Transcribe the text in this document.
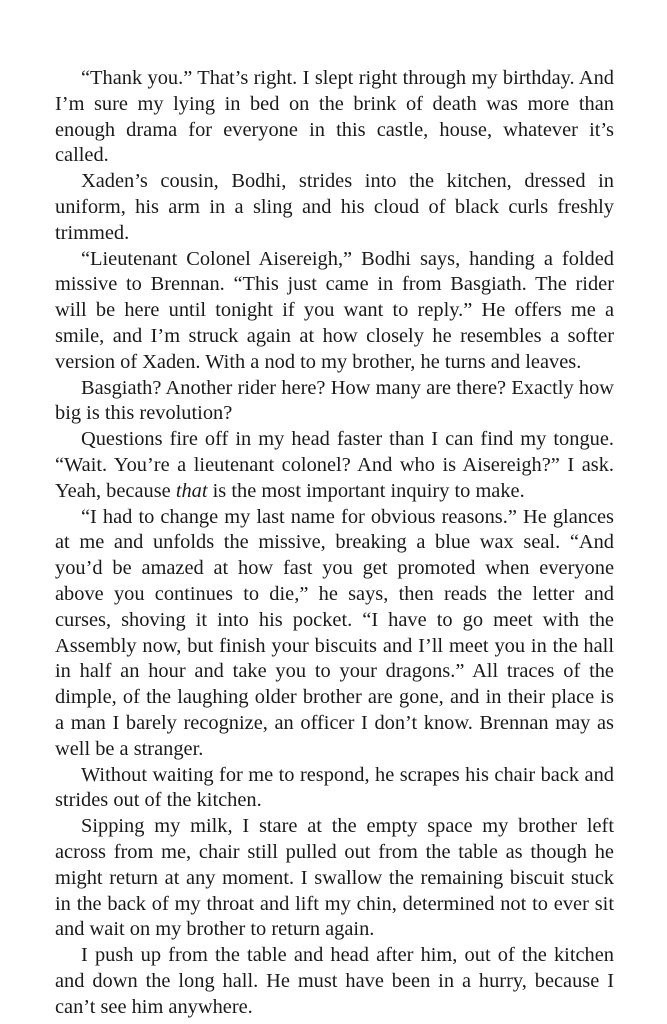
“Thank you.” That’s right. I slept right through my birthday. And I’m sure my lying in bed on the brink of death was more than enough drama for everyone in this castle, house, whatever it’s called.

Xaden’s cousin, Bodhi, strides into the kitchen, dressed in uniform, his arm in a sling and his cloud of black curls freshly trimmed.

“Lieutenant Colonel Aisereigh,” Bodhi says, handing a folded missive to Brennan. “This just came in from Basgiath. The rider will be here until tonight if you want to reply.” He offers me a smile, and I’m struck again at how closely he resembles a softer version of Xaden. With a nod to my brother, he turns and leaves.

Basgiath? Another rider here? How many are there? Exactly how big is this revolution?

Questions fire off in my head faster than I can find my tongue. “Wait. You’re a lieutenant colonel? And who is Aisereigh?” I ask. Yeah, because that is the most important inquiry to make.

“I had to change my last name for obvious reasons.” He glances at me and unfolds the missive, breaking a blue wax seal. “And you’d be amazed at how fast you get promoted when everyone above you continues to die,” he says, then reads the letter and curses, shoving it into his pocket. “I have to go meet with the Assembly now, but finish your biscuits and I’ll meet you in the hall in half an hour and take you to your dragons.” All traces of the dimple, of the laughing older brother are gone, and in their place is a man I barely recognize, an officer I don’t know. Brennan may as well be a stranger.

Without waiting for me to respond, he scrapes his chair back and strides out of the kitchen.

Sipping my milk, I stare at the empty space my brother left across from me, chair still pulled out from the table as though he might return at any moment. I swallow the remaining biscuit stuck in the back of my throat and lift my chin, determined not to ever sit and wait on my brother to return again.

I push up from the table and head after him, out of the kitchen and down the long hall. He must have been in a hurry, because I can’t see him anywhere.
